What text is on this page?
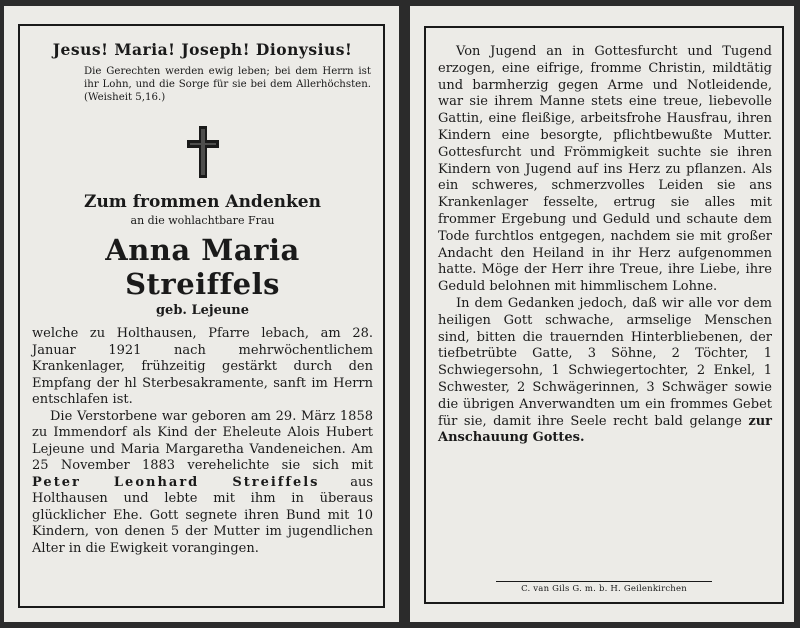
Jesus! Maria! Joseph! Dionysius!
Die Gerechten werden ewig leben; bei dem Herrn ist ihr Lohn, und die Sorge für sie bei dem Allerhöchsten. (Weisheit 5,16.)
Zum frommen Andenken
an die wohlachtbare Frau
Anna Maria Streiffels
geb. Lejeune

welche zu Holthausen, Pfarre lebach, am 28. Januar 1921 nach mehrwöchentlichem Krankenlager, frühzeitig gestärkt durch den Empfang der hl Sterbesakramente, sanft im Herrn entschlafen ist.

Die Verstorbene war geboren am 29. März 1858 zu Immendorf als Kind der Eheleute Alois Hubert Lejeune und Maria Margaretha Vandeneichen. Am 25 November 1883 verehelichte sie sich mit Peter Leonhard Streiffels aus Holthausen und lebte mit ihm in überaus glücklicher Ehe. Gott segnete ihren Bund mit 10 Kindern, von denen 5 der Mutter im jugendlichen Alter in die Ewigkeit vorangingen.

Von Jugend an in Gottesfurcht und Tugend erzogen, eine eifrige, fromme Christin, mildtätig und barmherzig gegen Arme und Notleidende, war sie ihrem Manne stets eine treue, liebevolle Gattin, eine fleißige, arbeitsfrohe Hausfrau, ihren Kindern eine besorgte, pflichtbewußte Mutter. Gottesfurcht und Frömmigkeit suchte sie ihren Kindern von Jugend auf ins Herz zu pflanzen. Als ein schweres, schmerzvolles Leiden sie ans Krankenlager fesselte, ertrug sie alles mit frommer Ergebung und Geduld und schaute dem Tode furchtlos entgegen, nachdem sie mit großer Andacht den Heiland in ihr Herz aufgenommen hatte. Möge der Herr ihre Treue, ihre Liebe, ihre Geduld belohnen mit himmlischem Lohne.

In dem Gedanken jedoch, daß wir alle vor dem heiligen Gott schwache, armselige Menschen sind, bitten die trauernden Hinterbliebenen, der tiefbetrübte Gatte, 3 Söhne, 2 Töchter, 1 Schwiegersohn, 1 Schwiegertochter, 2 Enkel, 1 Schwester, 2 Schwägerinnen, 3 Schwäger sowie die übrigen Anverwandten um ein frommes Gebet für sie, damit ihre Seele recht bald gelange zur Anschauung Gottes.

C. van Gils G. m. b. H. Geilenkirchen
